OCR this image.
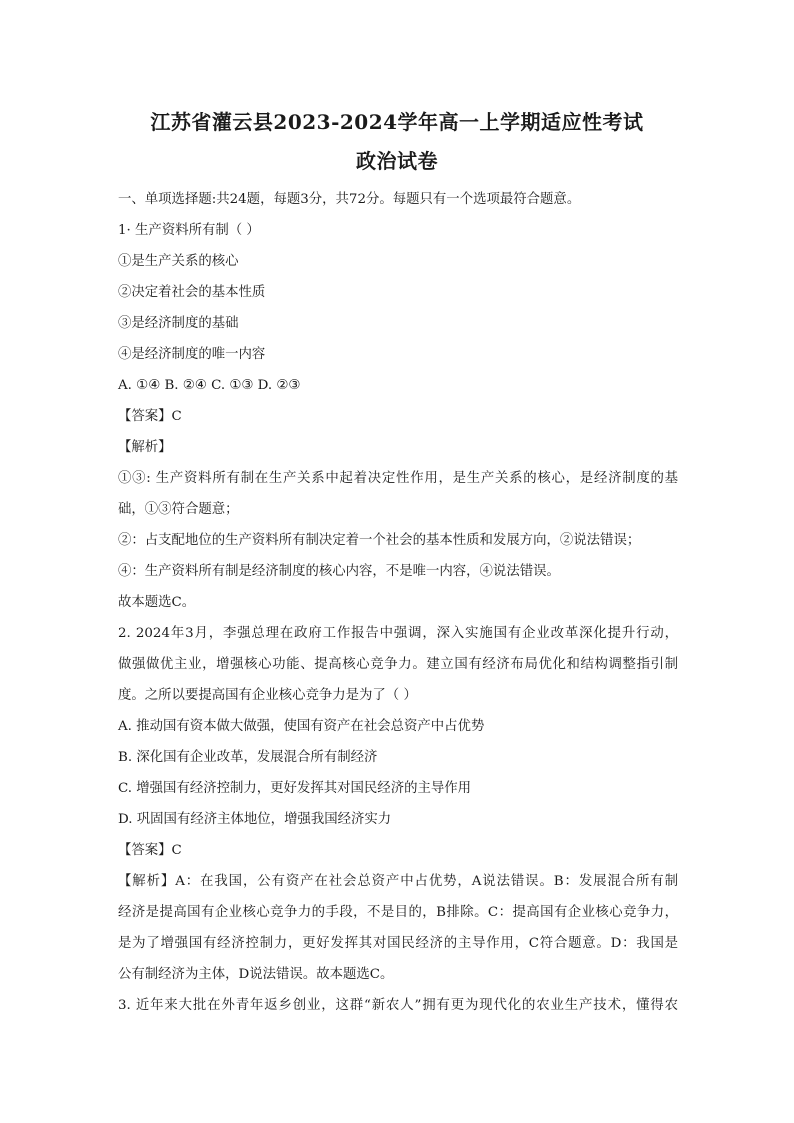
江苏省灌云县2023-2024学年高一上学期适应性考试
政治试卷
一、单项选择题:共24题，每题3分，共72分。每题只有一个选项最符合题意。
1· 生产资料所有制（ ）
①是生产关系的核心
②决定着社会的基本性质
③是经济制度的基础
④是经济制度的唯一内容
A. ①④ B. ②④ C. ①③ D. ②③
【答案】C
【解析】
①③: 生产资料所有制在生产关系中起着决定性作用，是生产关系的核心，是经济制度的基
础，①③符合题意；
②：占支配地位的生产资料所有制决定着一个社会的基本性质和发展方向，②说法错误；
④：生产资料所有制是经济制度的核心内容，不是唯一内容，④说法错误。
故本题选C。
2. 2024年3月，李强总理在政府工作报告中强调，深入实施国有企业改革深化提升行动，
做强做优主业，增强核心功能、提高核心竞争力。建立国有经济布局优化和结构调整指引制
度。之所以要提高国有企业核心竞争力是为了（ ）
A. 推动国有资本做大做强，使国有资产在社会总资产中占优势
B. 深化国有企业改革，发展混合所有制经济
C. 增强国有经济控制力，更好发挥其对国民经济的主导作用
D. 巩固国有经济主体地位，增强我国经济实力
【答案】C
【解析】A：在我国，公有资产在社会总资产中占优势，A说法错误。B：发展混合所有制
经济是提高国有企业核心竞争力的手段，不是目的，B排除。C：提高国有企业核心竞争力，
是为了增强国有经济控制力，更好发挥其对国民经济的主导作用，C符合题意。D：我国是
公有制经济为主体，D说法错误。故本题选C。
3. 近年来大批在外青年返乡创业，这群“新农人”拥有更为现代化的农业生产技术，懂得农
